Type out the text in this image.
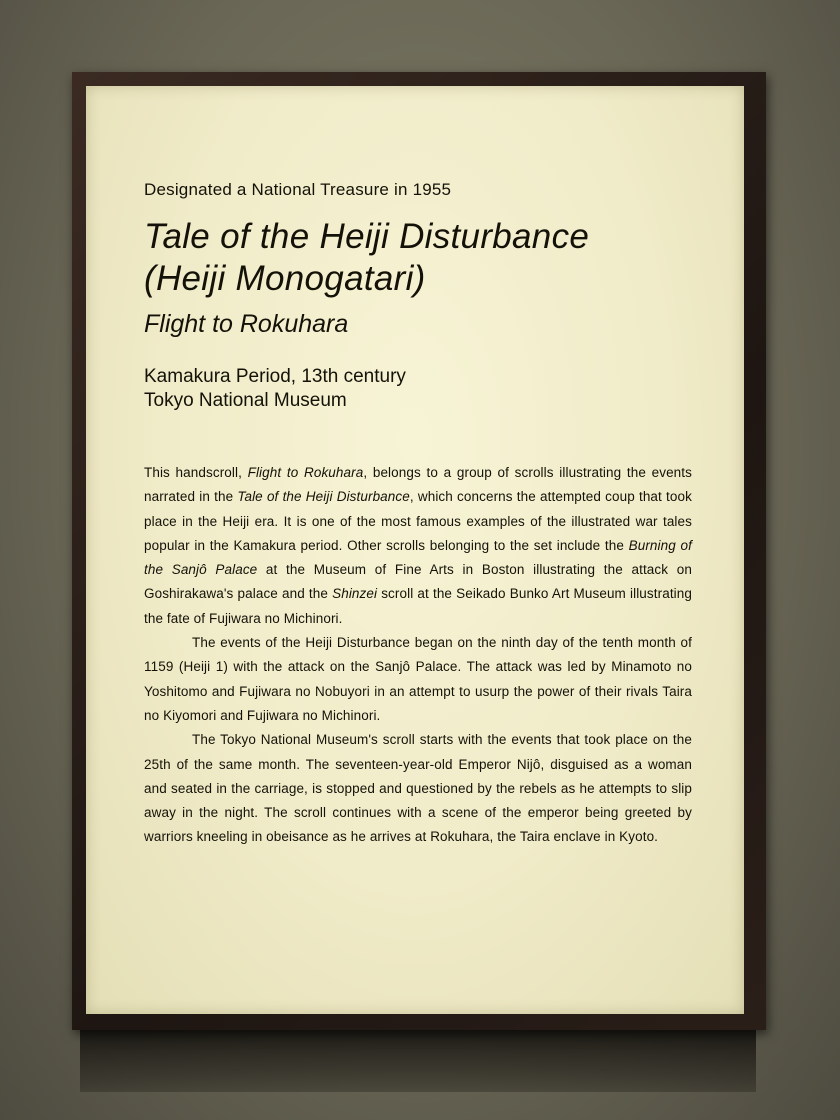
Designated a National Treasure in 1955

Tale of the Heiji Disturbance
(Heiji Monogatari)

Flight to Rokuhara

Kamakura Period, 13th century
Tokyo National Museum

This handscroll, Flight to Rokuhara, belongs to a group of scrolls illustrating the events narrated in the Tale of the Heiji Disturbance, which concerns the attempted coup that took place in the Heiji era. It is one of the most famous examples of the illustrated war tales popular in the Kamakura period. Other scrolls belonging to the set include the Burning of the Sanjô Palace at the Museum of Fine Arts in Boston illustrating the attack on Goshirakawa's palace and the Shinzei scroll at the Seikado Bunko Art Museum illustrating the fate of Fujiwara no Michinori.

The events of the Heiji Disturbance began on the ninth day of the tenth month of 1159 (Heiji 1) with the attack on the Sanjô Palace. The attack was led by Minamoto no Yoshitomo and Fujiwara no Nobuyori in an attempt to usurp the power of their rivals Taira no Kiyomori and Fujiwara no Michinori.

The Tokyo National Museum's scroll starts with the events that took place on the 25th of the same month. The seventeen-year-old Emperor Nijô, disguised as a woman and seated in the carriage, is stopped and questioned by the rebels as he attempts to slip away in the night. The scroll continues with a scene of the emperor being greeted by warriors kneeling in obeisance as he arrives at Rokuhara, the Taira enclave in Kyoto.
